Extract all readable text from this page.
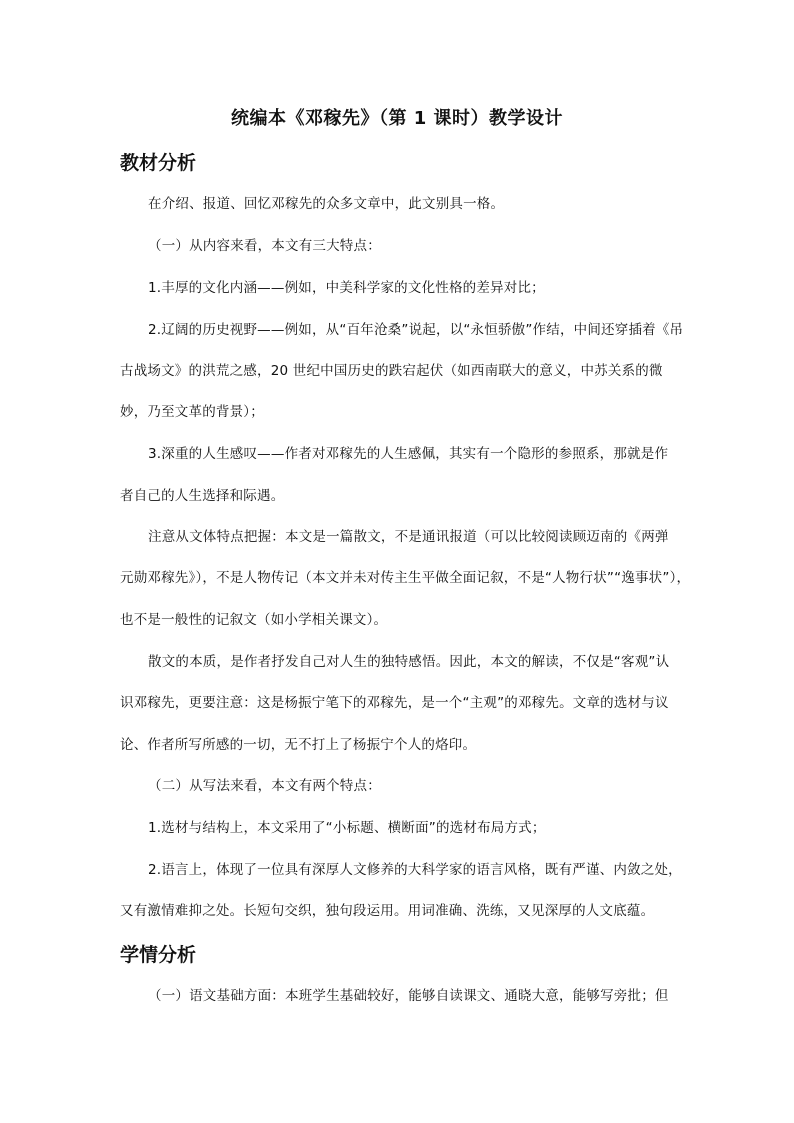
统编本《邓稼先》（第 1 课时）教学设计
教材分析
在介绍、报道、回忆邓稼先的众多文章中，此文别具一格。
（一）从内容来看，本文有三大特点：
1.丰厚的文化内涵——例如，中美科学家的文化性格的差异对比；
2.辽阔的历史视野——例如，从“百年沧桑”说起，以“永恒骄傲”作结，中间还穿插着《吊
古战场文》的洪荒之感，20 世纪中国历史的跌宕起伏（如西南联大的意义，中苏关系的微
妙，乃至文革的背景）；
3.深重的人生感叹——作者对邓稼先的人生感佩，其实有一个隐形的参照系，那就是作
者自己的人生选择和际遇。
注意从文体特点把握：本文是一篇散文，不是通讯报道（可以比较阅读顾迈南的《两弹
元勋邓稼先》），不是人物传记（本文并未对传主生平做全面记叙，不是“人物行状”“逸事状”），
也不是一般性的记叙文（如小学相关课文）。
散文的本质，是作者抒发自己对人生的独特感悟。因此，本文的解读，不仅是“客观”认
识邓稼先，更要注意：这是杨振宁笔下的邓稼先，是一个“主观”的邓稼先。文章的选材与议
论、作者所写所感的一切，无不打上了杨振宁个人的烙印。
（二）从写法来看，本文有两个特点：
1.选材与结构上，本文采用了“小标题、横断面”的选材布局方式；
2.语言上，体现了一位具有深厚人文修养的大科学家的语言风格，既有严谨、内敛之处，
又有激情难抑之处。长短句交织，独句段运用。用词准确、洗练，又见深厚的人文底蕴。
学情分析
（一）语文基础方面：本班学生基础较好，能够自读课文、通晓大意，能够写旁批；但
